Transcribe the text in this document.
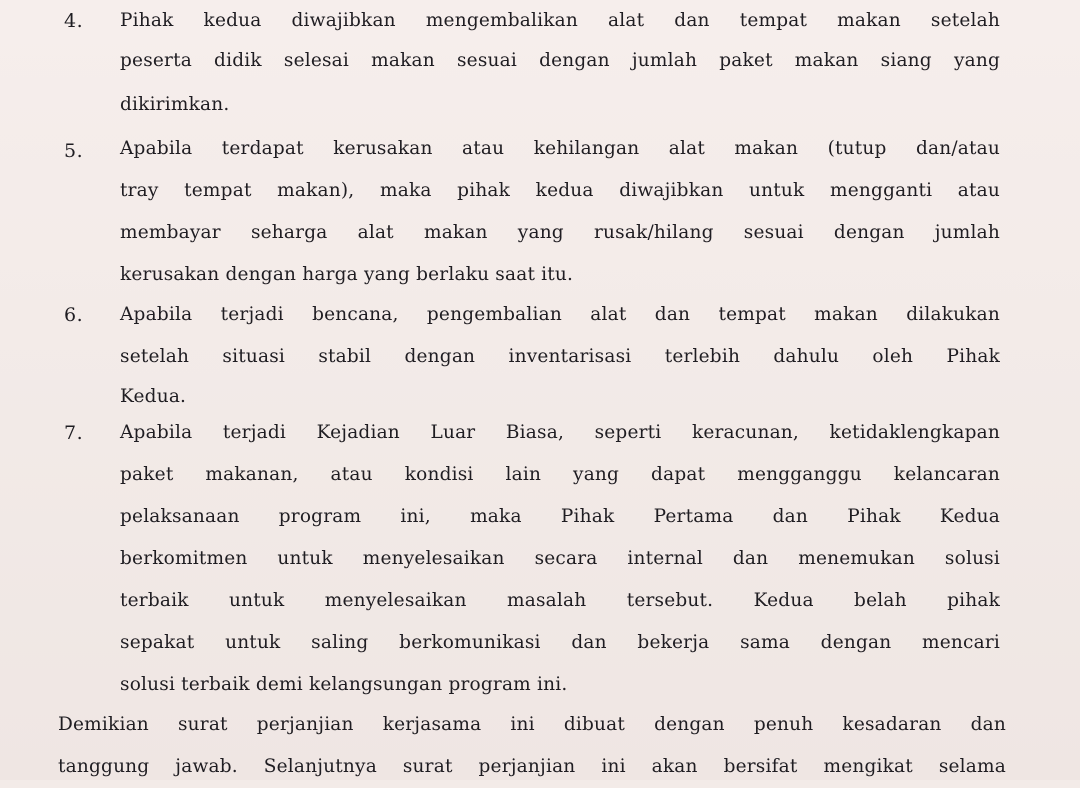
4. Pihak kedua diwajibkan mengembalikan alat dan tempat makan setelah
peserta didik selesai makan sesuai dengan jumlah paket makan siang yang
dikirimkan.
5. Apabila terdapat kerusakan atau kehilangan alat makan (tutup dan/atau
tray tempat makan), maka pihak kedua diwajibkan untuk mengganti atau
membayar seharga alat makan yang rusak/hilang sesuai dengan jumlah
kerusakan dengan harga yang berlaku saat itu.
6. Apabila terjadi bencana, pengembalian alat dan tempat makan dilakukan
setelah situasi stabil dengan inventarisasi terlebih dahulu oleh Pihak
Kedua.
7. Apabila terjadi Kejadian Luar Biasa, seperti keracunan, ketidaklengkapan
paket makanan, atau kondisi lain yang dapat mengganggu kelancaran
pelaksanaan program ini, maka Pihak Pertama dan Pihak Kedua
berkomitmen untuk menyelesaikan secara internal dan menemukan solusi
terbaik untuk menyelesaikan masalah tersebut. Kedua belah pihak
sepakat untuk saling berkomunikasi dan bekerja sama dengan mencari
solusi terbaik demi kelangsungan program ini.
Demikian surat perjanjian kerjasama ini dibuat dengan penuh kesadaran dan
tanggung jawab. Selanjutnya surat perjanjian ini akan bersifat mengikat selama
